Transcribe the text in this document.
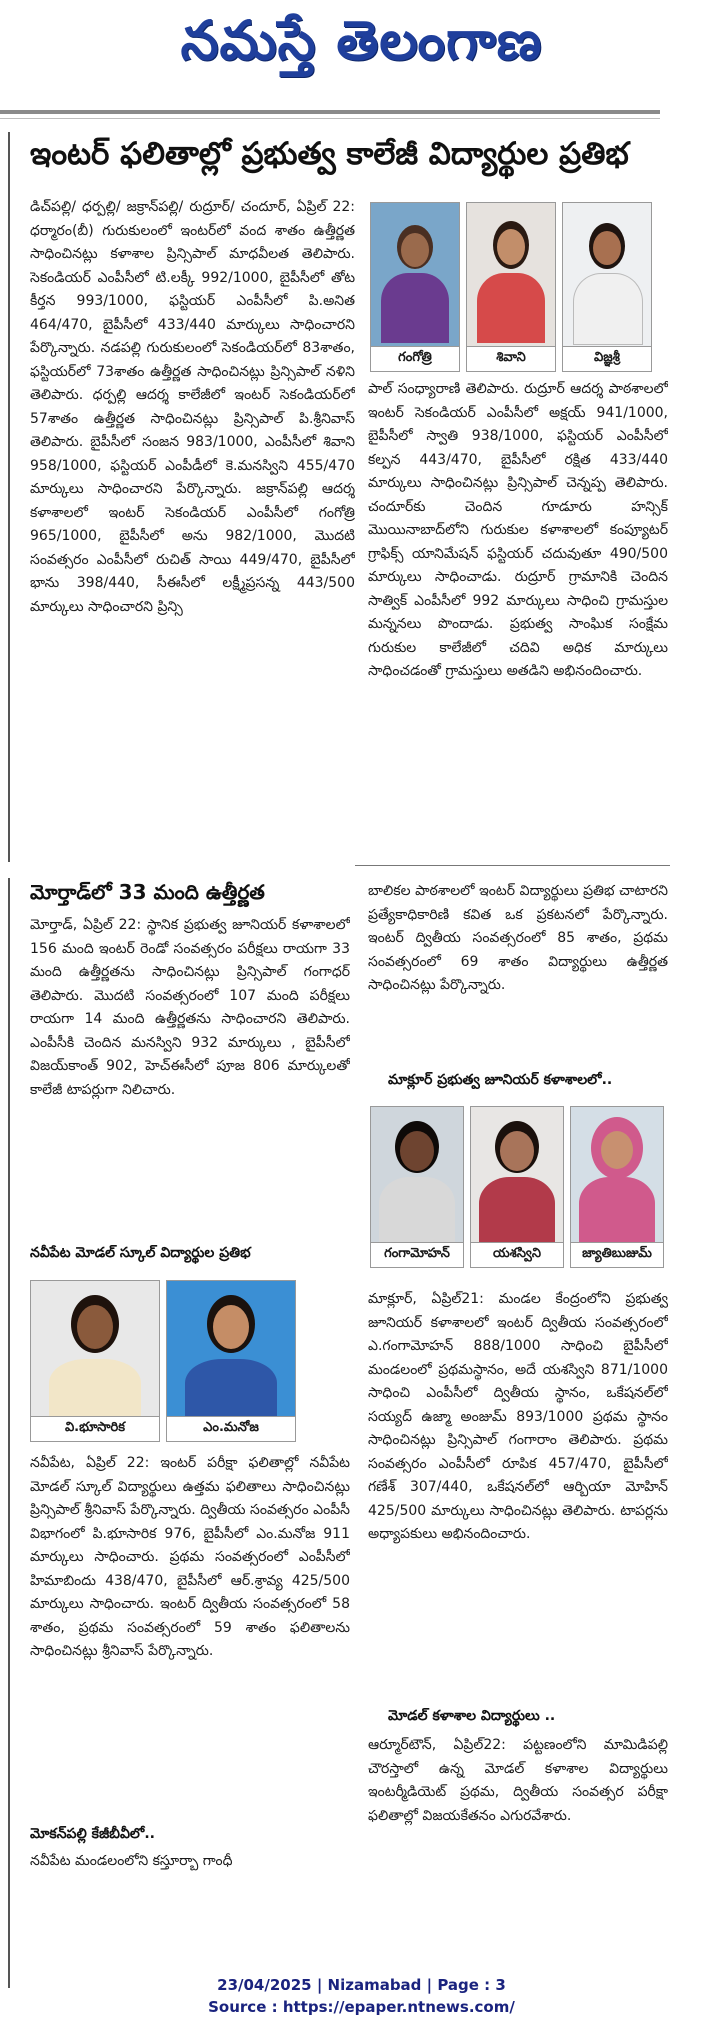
నమస్తే తెలంగాణ
ఇంటర్ ఫలితాల్లో ప్రభుత్వ కాలేజీ విద్యార్థుల ప్రతిభ

డిచ్‌పల్లి/ ధర్పల్లి/ జక్రాన్‌పల్లి/ రుద్రూర్/ చందూర్, ఏప్రిల్ 22: ధర్మారం(బీ) గురుకులంలో ఇంటర్‌లో వంద శాతం ఉత్తీర్ణత సాధించినట్లు కళాశాల ప్రిన్సిపాల్ మాధవీలత తెలిపారు. సెకండియర్ ఎంపీసీలో టి.లక్కీ 992/1000, బైపీసీలో తోట కీర్తన 993/1000, ఫస్టియర్ ఎంపీసీలో పి.అనిత 464/470, బైపీసీలో 433/440 మార్కులు సాధించారని పేర్కొన్నారు. నడపల్లి గురుకులంలో సెకండియర్‌లో 83శాతం, ఫస్టియర్‌లో 73శాతం ఉత్తీర్ణత సాధించినట్లు ప్రిన్సిపాల్ నళిని తెలిపారు. ధర్పల్లి ఆదర్శ కాలేజీలో ఇంటర్ సెకండియర్‌లో 57శాతం ఉత్తీర్ణత సాధించినట్లు ప్రిన్సిపాల్ పి.శ్రీనివాస్ తెలిపారు. బైపీసీలో సంజన 983/1000, ఎంపీసీలో శివాని 958/1000, ఫస్టియర్ ఎంపీడీలో కె.మనస్విని 455/470 మార్కులు సాధించారని పేర్కొన్నారు. జక్రాన్‌పల్లి ఆదర్శ కళాశాలలో ఇంటర్ సెకండియర్ ఎంపీసీలో గంగోత్రి 965/1000, బైపీసీలో అను 982/1000, మొదటి సంవత్సరం ఎంపీసీలో రుచిత్ సాయి 449/470, బైపీసీలో భాను 398/440, సీఈసీలో లక్ష్మీప్రసన్న 443/500 మార్కులు సాధించారని ప్రిన్సి

గంగోత్రి	శివాని	విజ్ఞశ్రీ

పాల్ సంధ్యారాణి తెలిపారు. రుద్రూర్ ఆదర్శ పాఠశాలలో ఇంటర్ సెకండియర్ ఎంపీసీలో అక్షయ్ 941/1000, బైపీసీలో స్వాతి 938/1000, ఫస్టియర్ ఎంపీసీలో కల్పన 443/470, బైపీసీలో రక్షిత 433/440 మార్కులు సాధించినట్లు ప్రిన్సిపాల్ చెన్నప్ప తెలిపారు. చందూర్‌కు చెందిన గూడూరు హన్సిక్ మొయినాబాద్‌లోని గురుకుల కళాశాలలో కంప్యూటర్ గ్రాఫిక్స్ యానిమేషన్ ఫస్టియర్ చదువుతూ 490/500 మార్కులు సాధించాడు. రుద్రూర్ గ్రామానికి చెందిన సాత్విక్ ఎంపీసీలో 992 మార్కులు సాధించి గ్రామస్తుల మన్ననలు పొందాడు. ప్రభుత్వ సాంఘిక సంక్షేమ గురుకుల కాలేజీలో చదివి అధిక మార్కులు సాధించడంతో గ్రామస్తులు అతడిని అభినందించారు.

మోర్తాడ్‌లో 33 మంది ఉత్తీర్ణత

మోర్తాడ్, ఏప్రిల్ 22: స్థానిక ప్రభుత్వ జూనియర్ కళాశాలలో 156 మంది ఇంటర్ రెండో సంవత్సరం పరీక్షలు రాయగా 33 మంది ఉత్తీర్ణతను సాధించినట్లు ప్రిన్సిపాల్ గంగాధర్ తెలిపారు. మొదటి సంవత్సరంలో 107 మంది పరీక్షలు రాయగా 14 మంది ఉత్తీర్ణతను సాధించారని తెలిపారు. ఎంపీసీకి చెందిన మనస్విని 932 మార్కులు , బైపీసీలో విజయ్‌కాంత్ 902, హెచ్‌ఈసీలో పూజ 806 మార్కులతో కాలేజీ టాపర్లుగా నిలిచారు.

నవీపేట మోడల్ స్కూల్ విద్యార్థుల ప్రతిభ
వి.భూసారిక	ఎం.మనోజ

నవీపేట, ఏప్రిల్ 22: ఇంటర్ పరీక్షా ఫలితాల్లో నవీపేట మోడల్ స్కూల్ విద్యార్థులు ఉత్తమ ఫలితాలు సాధించినట్లు ప్రిన్సిపాల్ శ్రీనివాస్ పేర్కొన్నారు. ద్వితీయ సంవత్సరం ఎంపీసీ విభాగంలో పి.భూసారిక 976, బైపీసీలో ఎం.మనోజ 911 మార్కులు సాధించారు. ప్రథమ సంవత్సరంలో ఎంపీసీలో హిమాబిందు 438/470, బైపీసీలో ఆర్.శ్రావ్య 425/500 మార్కులు సాధించారు. ఇంటర్ ద్వితీయ సంవత్సరంలో 58 శాతం, ప్రథమ సంవత్సరంలో 59 శాతం ఫలితాలను సాధించినట్లు శ్రీనివాస్ పేర్కొన్నారు.

మోకన్‌పల్లి కేజీబీవీలో..

నవీపేట మండలంలోని కస్తూర్బా గాంధీ

బాలికల పాఠశాలలో ఇంటర్ విద్యార్థులు ప్రతిభ చాటారని ప్రత్యేకాధికారిణి కవిత ఒక ప్రకటనలో పేర్కొన్నారు. ఇంటర్ ద్వితీయ సంవత్సరంలో 85 శాతం, ప్రథమ సంవత్సరంలో 69 శాతం విద్యార్థులు ఉత్తీర్ణత సాధించినట్లు పేర్కొన్నారు.

మాక్లూర్ ప్రభుత్వ జూనియర్ కళాశాలలో..
గంగామోహన్	యశస్విని	జ్యాతిబుజుమ్

మాక్లూర్, ఏప్రిల్21: మండల కేంద్రంలోని ప్రభుత్వ జూనియర్ కళాశాలలో ఇంటర్ ద్వితీయ సంవత్సరంలో ఎ.గంగామోహన్ 888/1000 సాధించి బైపీసీలో మండలంలో ప్రథమస్థానం, అదే యశస్విని 871/1000 సాధించి ఎంపీసీలో ద్వితీయ స్థానం, ఒకేషనల్‌లో సయ్యద్ ఉజ్మా అంజుమ్ 893/1000 ప్రథమ స్థానం సాధించినట్లు ప్రిన్సిపాల్ గంగారాం తెలిపారు. ప్రథమ సంవత్సరం ఎంపీసీలో రూపిక 457/470, బైపీసీలో గణేశ్ 307/440, ఒకేషనల్‌లో ఆర్బియా మోహిన్ 425/500 మార్కులు సాధించినట్లు తెలిపారు. టాపర్లను అధ్యాపకులు అభినందించారు.

మోడల్ కళాశాల విద్యార్థులు ..

ఆర్మూర్‌టౌన్, ఏప్రిల్22: పట్టణంలోని మామిడిపల్లి చౌరస్తాలో ఉన్న మోడల్ కళాశాల విద్యార్థులు ఇంటర్మీడియెట్ ప్రథమ, ద్వితీయ సంవత్సర పరీక్షా ఫలితాల్లో విజయకేతనం ఎగురవేశారు.

23/04/2025 | Nizamabad | Page : 3
Source : https://epaper.ntnews.com/
